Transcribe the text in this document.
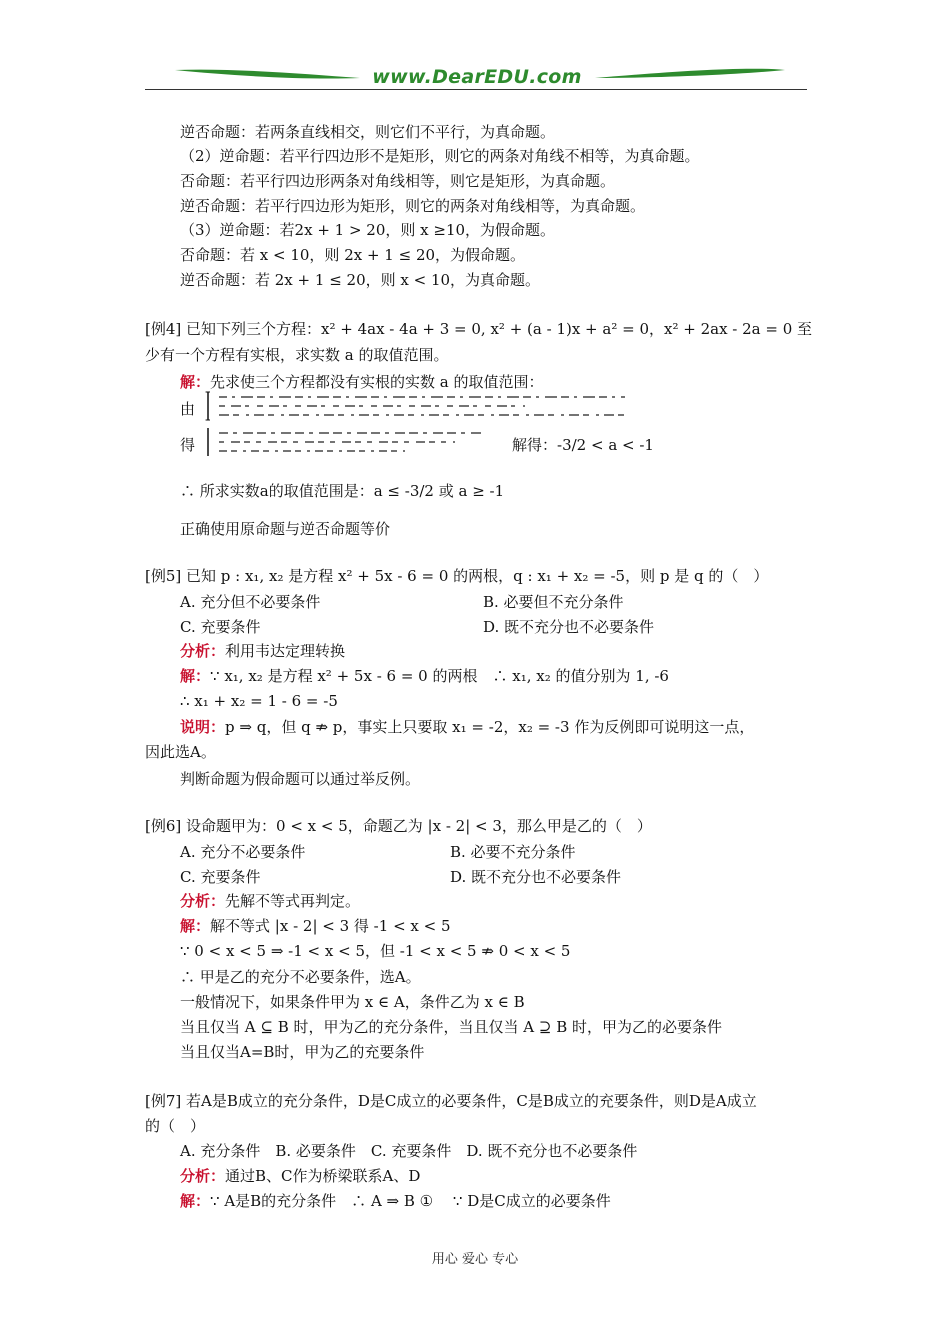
www.DearEDU.com
逆否命题：若两条直线相交，则它们不平行，为真命题。
（2）逆命题：若平行四边形不是矩形，则它的两条对角线不相等，为真命题。
否命题：若平行四边形两条对角线相等，则它是矩形，为真命题。
逆否命题：若平行四边形为矩形，则它的两条对角线相等，为真命题。
（3）逆命题：若2x + 1 > 20，则 x ≥10，为假命题。
否命题：若 x < 10，则 2x + 1 ≤ 20，为假命题。
逆否命题：若 2x + 1 ≤ 20，则 x < 10，为真命题。
[例4] 已知下列三个方程：x² + 4ax - 4a + 3 = 0, x² + (a - 1)x + a² = 0，x² + 2ax - 2a = 0 至
少有一个方程有实根，求实数 a 的取值范围。
解：先求使三个方程都没有实根的实数 a 的取值范围：
由
得	解得：-3/2 < a < -1
∴ 所求实数a的取值范围是：a ≤ -3/2 或 a ≥ -1
正确使用原命题与逆否命题等价
[例5] 已知 p : x₁, x₂ 是方程 x² + 5x - 6 = 0 的两根，q : x₁ + x₂ = -5，则 p 是 q 的（　）
分析：利用韦达定理转换
解：∵ x₁, x₂ 是方程 x² + 5x - 6 = 0 的两根　∴ x₁, x₂ 的值分别为 1, -6
∴ x₁ + x₂ = 1 - 6 = -5
说明：p ⇒ q，但 q ⇏ p，事实上只要取 x₁ = -2，x₂ = -3 作为反例即可说明这一点，
因此选A。
判断命题为假命题可以通过举反例。
[例6] 设命题甲为：0 < x < 5，命题乙为 |x - 2| < 3，那么甲是乙的（　）
分析：先解不等式再判定。
解：解不等式 |x - 2| < 3 得 -1 < x < 5
∵ 0 < x < 5 ⇒ -1 < x < 5，但 -1 < x < 5 ⇏ 0 < x < 5
∴ 甲是乙的充分不必要条件，选A。
一般情况下，如果条件甲为 x ∈ A，条件乙为 x ∈ B
当且仅当 A ⊆ B 时，甲为乙的充分条件，当且仅当 A ⊇ B 时，甲为乙的必要条件
当且仅当A=B时，甲为乙的充要条件
[例7] 若A是B成立的充分条件，D是C成立的必要条件，C是B成立的充要条件，则D是A成立
的（　）
A. 充分条件　B. 必要条件　C. 充要条件　D. 既不充分也不必要条件
分析：通过B、C作为桥梁联系A、D
解：∵ A是B的充分条件　∴ A ⇒ B ①　 ∵ D是C成立的必要条件
A. 充分但不必要条件	B. 必要但不充分条件
C. 充要条件	D. 既不充分也不必要条件
A. 充分不必要条件	B. 必要不充分条件
C. 充要条件	D. 既不充分也不必要条件
用心 爱心 专心
